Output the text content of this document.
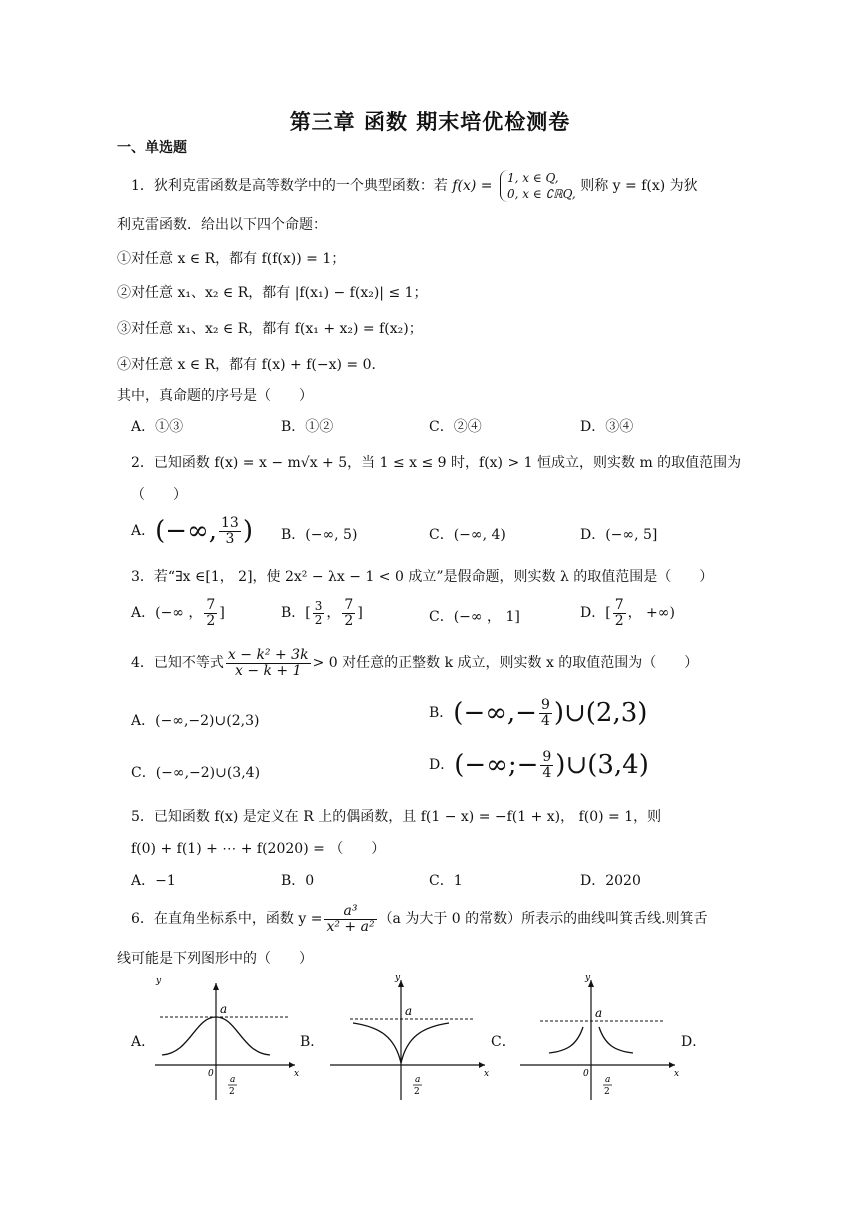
第三章 函数 期末培优检测卷
一、单选题
1．狄利克雷函数是高等数学中的一个典型函数：若 f(x) = 1, x ∈ Q,
0, x ∈ ∁ℝQ, 则称 y = f(x) 为狄
利克雷函数．给出以下四个命题：
①对任意 x ∈ R，都有 f(f(x)) = 1；
②对任意 x₁、x₂ ∈ R，都有 |f(x₁) − f(x₂)| ≤ 1；
③对任意 x₁、x₂ ∈ R，都有 f(x₁ + x₂) = f(x₂)；
④对任意 x ∈ R，都有 f(x) + f(−x) = 0．
其中，真命题的序号是（　　）
A．①③	B．①②	C．②④	D．③④
2．已知函数 f(x) = x − m√x + 5，当 1 ≤ x ≤ 9 时，f(x) > 1 恒成立，则实数 m 的取值范围为
（　　）
A．(−∞, $\frac{13}{3}$ ) B．(−∞, 5)	C．(−∞, 4)	D．(−∞, 5]
3．若“∃x ∈[1， 2]，使 2x² − λx − 1 < 0 成立”是假命题，则实数 λ 的取值范围是（　　）
A．(−∞ ， $\frac{7}{2}$ ]	B．[ $\frac{3}{2}$ ， $\frac{7}{2}$ ]	C．(−∞ ， 1]	D．[ $\frac{7}{2}$ ， +∞)
4．已知不等式 $\frac{\text{x − k² + 3k}}{x - k + 1} > 0$ 对任意的正整数 k 成立，则实数 x 的取值范围为（　　）
A．(−∞,−2)∪(2,3)	B．(−∞,− $\frac{9}{4}$ )∪(2,3)
C．(−∞,−2)∪(3,4)	D．(−∞;− $\frac{9}{4}$ )∪(3,4)
5．已知函数 f(x) 是定义在 R 上的偶函数，且 f(1 − x) = −f(1 + x)， f(0) = 1，则
f(0) + f(1) + ⋯ + f(2020) = （　　）
A．−1	B．0	C．1	D．2020
6．在直角坐标系中，函数 $y = \frac{\text{a³}}{\text{x² + a²}} (a$ 为大于 0 的常数）所表示的曲线叫箕舌线.则箕舌
线可能是下列图形中的（　　）
A．	B．	C．	D．
y
a
0	x
a
2
y
a
x
a
2
y
a
0	x
a
2
